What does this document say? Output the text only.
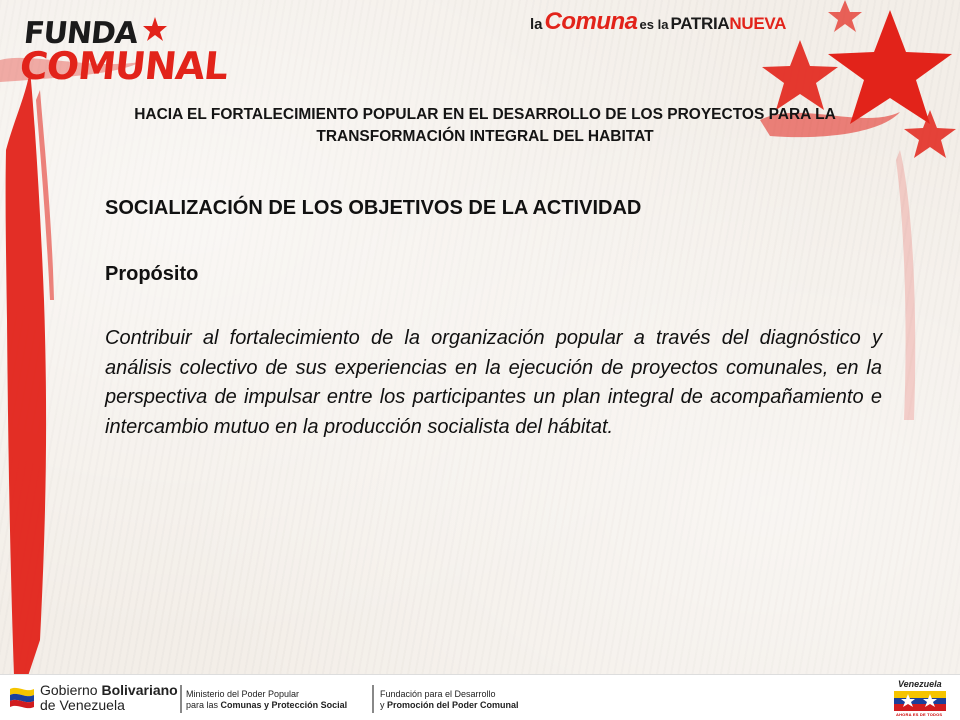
FUNDA
COMUNAL
la Comuna es la PATRIA NUEVA
HACIA EL FORTALECIMIENTO POPULAR EN EL DESARROLLO DE LOS PROYECTOS PARA LA TRANSFORMACIÓN INTEGRAL DEL HABITAT
SOCIALIZACIÓN DE LOS OBJETIVOS DE LA ACTIVIDAD
Propósito
Contribuir al fortalecimiento de la organización popular a través del diagnóstico y análisis colectivo de sus experiencias en la ejecución de proyectos comunales, en la perspectiva de impulsar entre los participantes un plan integral de acompañamiento e intercambio mutuo en la producción socialista del hábitat.
Gobierno Bolivariano
de Venezuela
Ministerio del Poder Popular
para las Comunas y Protección Social
Fundación para el Desarrollo
y Promoción del Poder Comunal
Venezuela
AHORA ES DE TODOS
